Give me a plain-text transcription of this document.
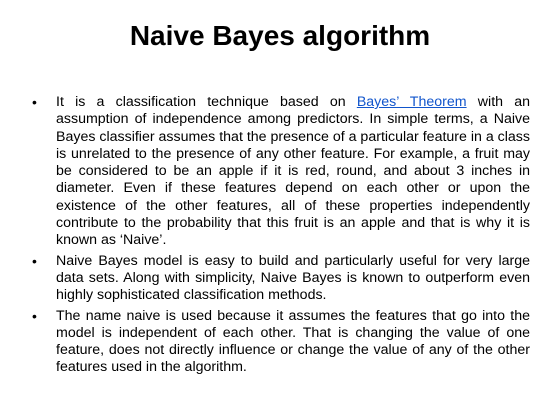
Naive Bayes algorithm
• It is a classification technique based on Bayes’ Theorem with an assumption of independence among predictors. In simple terms, a Naive Bayes classifier assumes that the presence of a particular feature in a class is unrelated to the presence of any other feature. For example, a fruit may be considered to be an apple if it is red, round, and about 3 inches in diameter. Even if these features depend on each other or upon the existence of the other features, all of these properties independently contribute to the probability that this fruit is an apple and that is why it is known as ‘Naive’.
• Naive Bayes model is easy to build and particularly useful for very large data sets. Along with simplicity, Naive Bayes is known to outperform even highly sophisticated classification methods.
• The name naive is used because it assumes the features that go into the model is independent of each other. That is changing the value of one feature, does not directly influence or change the value of any of the other features used in the algorithm.
